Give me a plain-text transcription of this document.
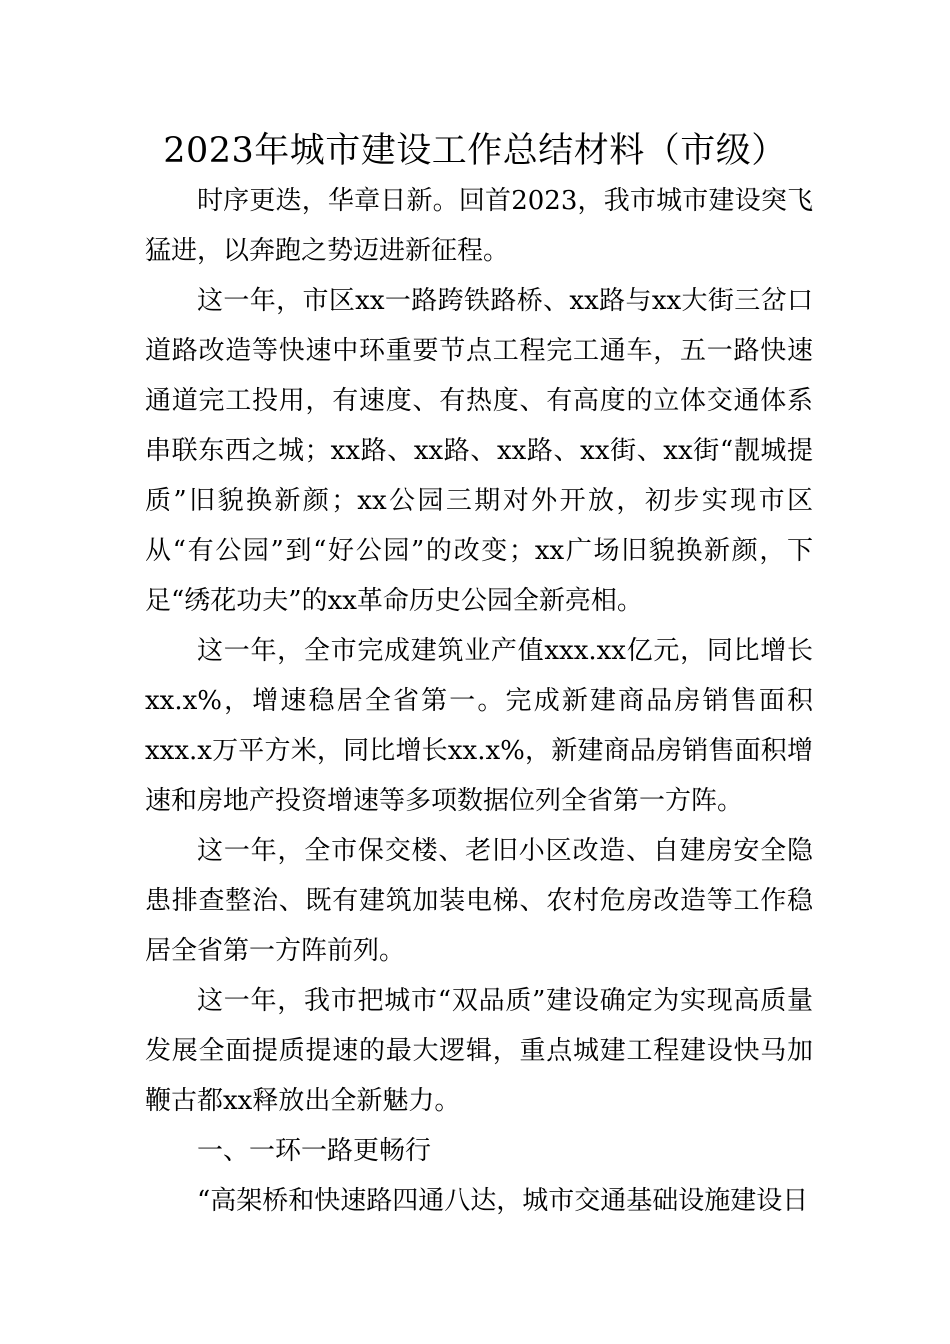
2023年城市建设工作总结材料（市级）

时序更迭，华章日新。回首2023，我市城市建设突飞猛进，以奔跑之势迈进新征程。

这一年，市区xx一路跨铁路桥、xx路与xx大街三岔口道路改造等快速中环重要节点工程完工通车，五一路快速通道完工投用，有速度、有热度、有高度的立体交通体系串联东西之城；xx路、xx路、xx路、xx街、xx街“靓城提质”旧貌换新颜；xx公园三期对外开放，初步实现市区从“有公园”到“好公园”的改变；xx广场旧貌换新颜，下足“绣花功夫”的xx革命历史公园全新亮相。

这一年，全市完成建筑业产值xxx.xx亿元，同比增长xx.x%，增速稳居全省第一。完成新建商品房销售面积xxx.x万平方米，同比增长xx.x%，新建商品房销售面积增速和房地产投资增速等多项数据位列全省第一方阵。

这一年，全市保交楼、老旧小区改造、自建房安全隐患排查整治、既有建筑加装电梯、农村危房改造等工作稳居全省第一方阵前列。

这一年，我市把城市“双品质”建设确定为实现高质量发展全面提质提速的最大逻辑，重点城建工程建设快马加鞭古都xx释放出全新魅力。

一、一环一路更畅行

“高架桥和快速路四通八达，城市交通基础设施建设日
